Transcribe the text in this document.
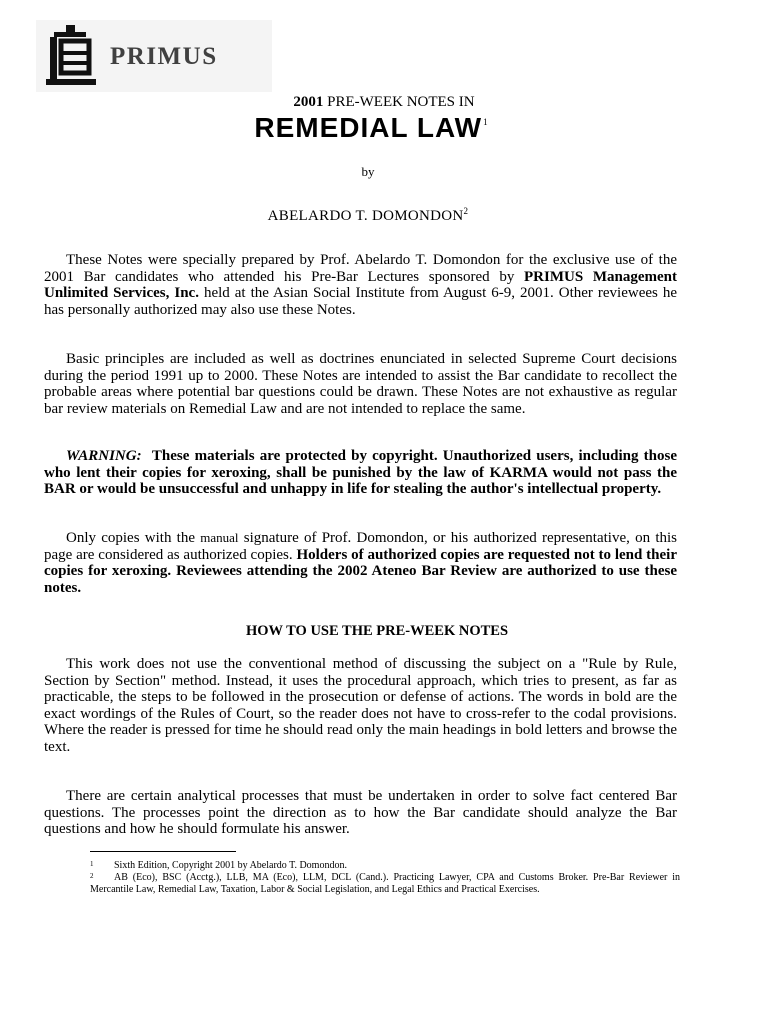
PRIMUS
2001 PRE-WEEK NOTES IN
REMEDIAL LAW$^1$
by
ABELARDO T. DOMONDON$^2$
These Notes were specially prepared by Prof. Abelardo T. Domondon for the exclusive use of the 2001 Bar candidates who attended his Pre-Bar Lectures sponsored by PRIMUS Management Unlimited Services, Inc. held at the Asian Social Institute from August 6-9, 2001. Other reviewees he has personally authorized may also use these Notes.
Basic principles are included as well as doctrines enunciated in selected Supreme Court decisions during the period 1991 up to 2000. These Notes are intended to assist the Bar candidate to recollect the probable areas where potential bar questions could be drawn. These Notes are not exhaustive as regular bar review materials on Remedial Law and are not intended to replace the same.
WARNING: These materials are protected by copyright. Unauthorized users, including those who lent their copies for xeroxing, shall be punished by the law of KARMA would not pass the BAR or would be unsuccessful and unhappy in life for stealing the author's intellectual property.
Only copies with the manual signature of Prof. Domondon, or his authorized representative, on this page are considered as authorized copies. Holders of authorized copies are requested not to lend their copies for xeroxing. Reviewees attending the 2002 Ateneo Bar Review are authorized to use these notes.
HOW TO USE THE PRE-WEEK NOTES
This work does not use the conventional method of discussing the subject on a "Rule by Rule, Section by Section" method. Instead, it uses the procedural approach, which tries to present, as far as practicable, the steps to be followed in the prosecution or defense of actions. The words in bold are the exact wordings of the Rules of Court, so the reader does not have to cross-refer to the codal provisions. Where the reader is pressed for time he should read only the main headings in bold letters and browse the text.
There are certain analytical processes that must be undertaken in order to solve fact centered Bar questions. The processes point the direction as to how the Bar candidate should analyze the Bar questions and how he should formulate his answer.
1 Sixth Edition, Copyright 2001 by Abelardo T. Domondon.
2 AB (Eco), BSC (Acctg.), LLB, MA (Eco), LLM, DCL (Cand.). Practicing Lawyer, CPA and Customs Broker. Pre-Bar Reviewer in Mercantile Law, Remedial Law, Taxation, Labor & Social Legislation, and Legal Ethics and Practical Exercises.
